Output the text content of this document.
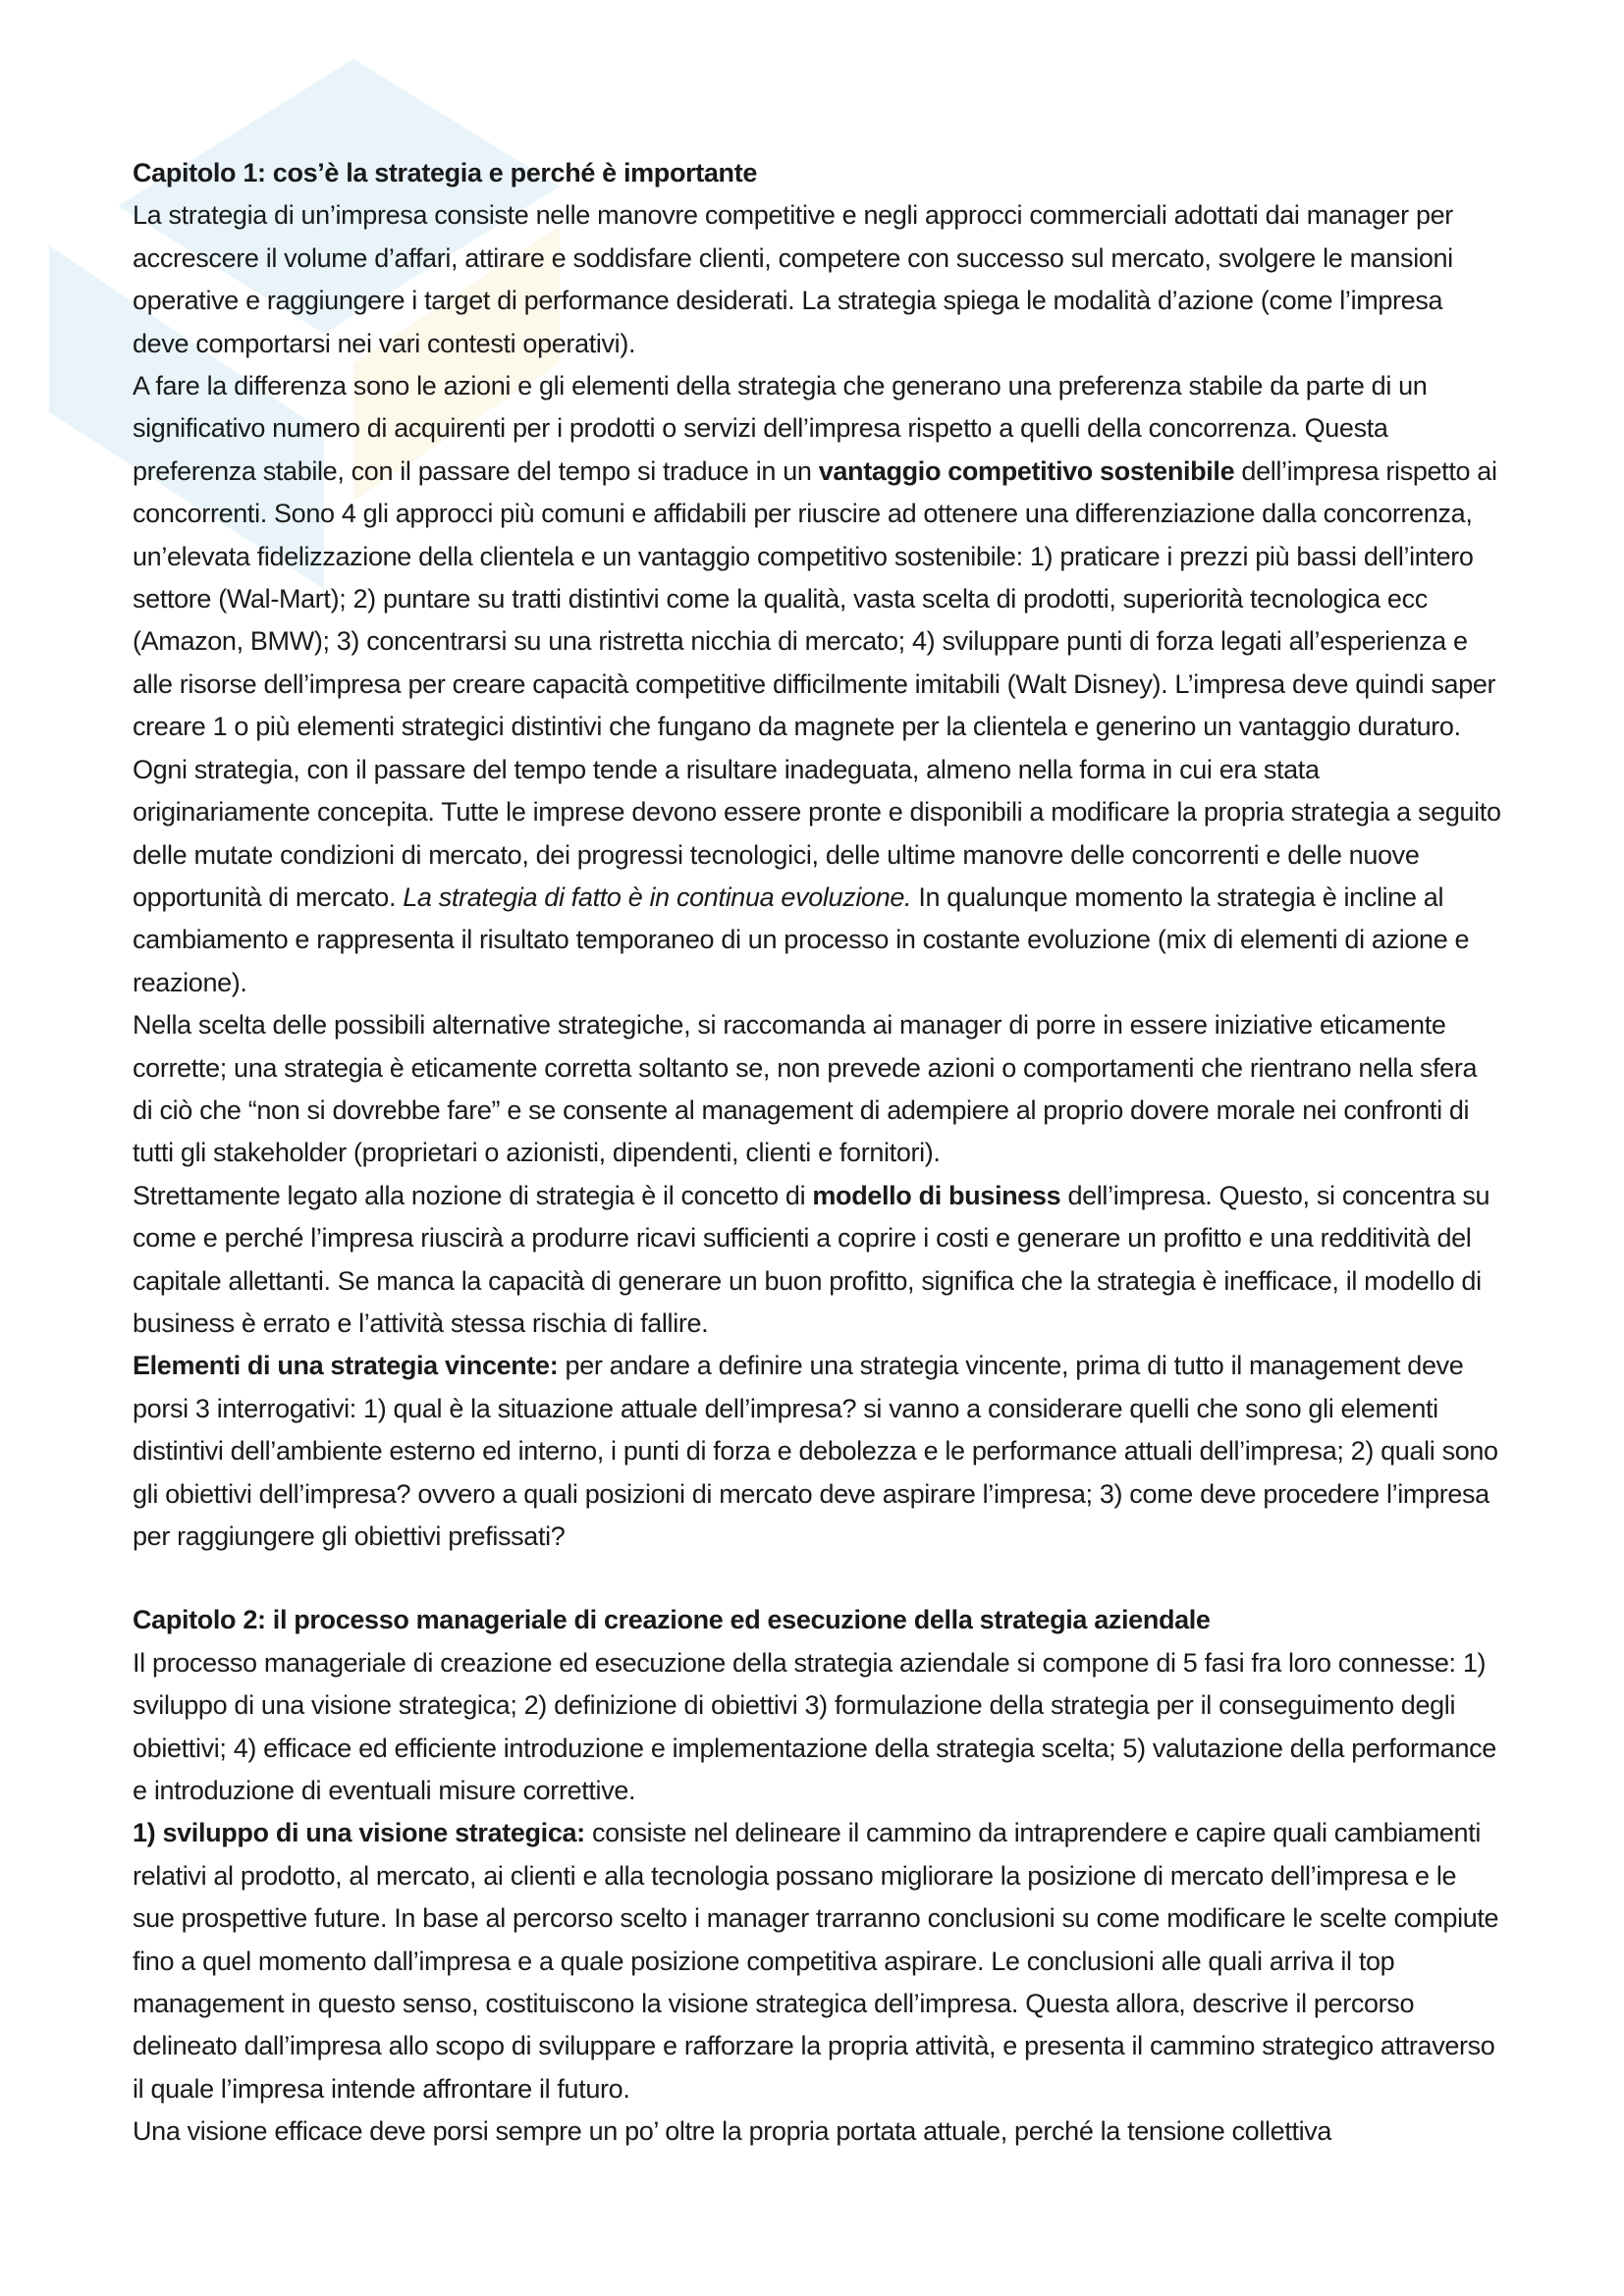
Capitolo 1: cos’è la strategia e perché è importante

La strategia di un’impresa consiste nelle manovre competitive e negli approcci commerciali adottati dai manager per accrescere il volume d’affari, attirare e soddisfare clienti, competere con successo sul mercato, svolgere le mansioni operative e raggiungere i target di performance desiderati. La strategia spiega le modalità d’azione (come l’impresa deve comportarsi nei vari contesti operativi).

A fare la differenza sono le azioni e gli elementi della strategia che generano una preferenza stabile da parte di un significativo numero di acquirenti per i prodotti o servizi dell’impresa rispetto a quelli della concorrenza. Questa preferenza stabile, con il passare del tempo si traduce in un vantaggio competitivo sostenibile dell’impresa rispetto ai concorrenti. Sono 4 gli approcci più comuni e affidabili per riuscire ad ottenere una differenziazione dalla concorrenza, un’elevata fidelizzazione della clientela e un vantaggio competitivo sostenibile: 1) praticare i prezzi più bassi dell’intero settore (Wal-Mart); 2) puntare su tratti distintivi come la qualità, vasta scelta di prodotti, superiorità tecnologica ecc (Amazon, BMW); 3) concentrarsi su una ristretta nicchia di mercato; 4) sviluppare punti di forza legati all’esperienza e alle risorse dell’impresa per creare capacità competitive difficilmente imitabili (Walt Disney). L’impresa deve quindi saper creare 1 o più elementi strategici distintivi che fungano da magnete per la clientela e generino un vantaggio duraturo.

Ogni strategia, con il passare del tempo tende a risultare inadeguata, almeno nella forma in cui era stata originariamente concepita. Tutte le imprese devono essere pronte e disponibili a modificare la propria strategia a seguito delle mutate condizioni di mercato, dei progressi tecnologici, delle ultime manovre delle concorrenti e delle nuove opportunità di mercato. La strategia di fatto è in continua evoluzione. In qualunque momento la strategia è incline al cambiamento e rappresenta il risultato temporaneo di un processo in costante evoluzione (mix di elementi di azione e reazione).

Nella scelta delle possibili alternative strategiche, si raccomanda ai manager di porre in essere iniziative eticamente corrette; una strategia è eticamente corretta soltanto se, non prevede azioni o comportamenti che rientrano nella sfera di ciò che “non si dovrebbe fare” e se consente al management di adempiere al proprio dovere morale nei confronti di tutti gli stakeholder (proprietari o azionisti, dipendenti, clienti e fornitori).

Strettamente legato alla nozione di strategia è il concetto di modello di business dell’impresa. Questo, si concentra su come e perché l’impresa riuscirà a produrre ricavi sufficienti a coprire i costi e generare un profitto e una redditività del capitale allettanti. Se manca la capacità di generare un buon profitto, significa che la strategia è inefficace, il modello di business è errato e l’attività stessa rischia di fallire.

Elementi di una strategia vincente: per andare a definire una strategia vincente, prima di tutto il management deve porsi 3 interrogativi: 1) qual è la situazione attuale dell’impresa? si vanno a considerare quelli che sono gli elementi distintivi dell’ambiente esterno ed interno, i punti di forza e debolezza e le performance attuali dell’impresa; 2) quali sono gli obiettivi dell’impresa? ovvero a quali posizioni di mercato deve aspirare l’impresa; 3) come deve procedere l’impresa per raggiungere gli obiettivi prefissati?

Capitolo 2: il processo manageriale di creazione ed esecuzione della strategia aziendale

Il processo manageriale di creazione ed esecuzione della strategia aziendale si compone di 5 fasi fra loro connesse: 1) sviluppo di una visione strategica; 2) definizione di obiettivi 3) formulazione della strategia per il conseguimento degli obiettivi; 4) efficace ed efficiente introduzione e implementazione della strategia scelta; 5) valutazione della performance e introduzione di eventuali misure correttive.

1) sviluppo di una visione strategica: consiste nel delineare il cammino da intraprendere e capire quali cambiamenti relativi al prodotto, al mercato, ai clienti e alla tecnologia possano migliorare la posizione di mercato dell’impresa e le sue prospettive future. In base al percorso scelto i manager trarranno conclusioni su come modificare le scelte compiute fino a quel momento dall’impresa e a quale posizione competitiva aspirare. Le conclusioni alle quali arriva il top management in questo senso, costituiscono la visione strategica dell’impresa. Questa allora, descrive il percorso delineato dall’impresa allo scopo di sviluppare e rafforzare la propria attività, e presenta il cammino strategico attraverso il quale l’impresa intende affrontare il futuro.

Una visione efficace deve porsi sempre un po’ oltre la propria portata attuale, perché la tensione collettiva
